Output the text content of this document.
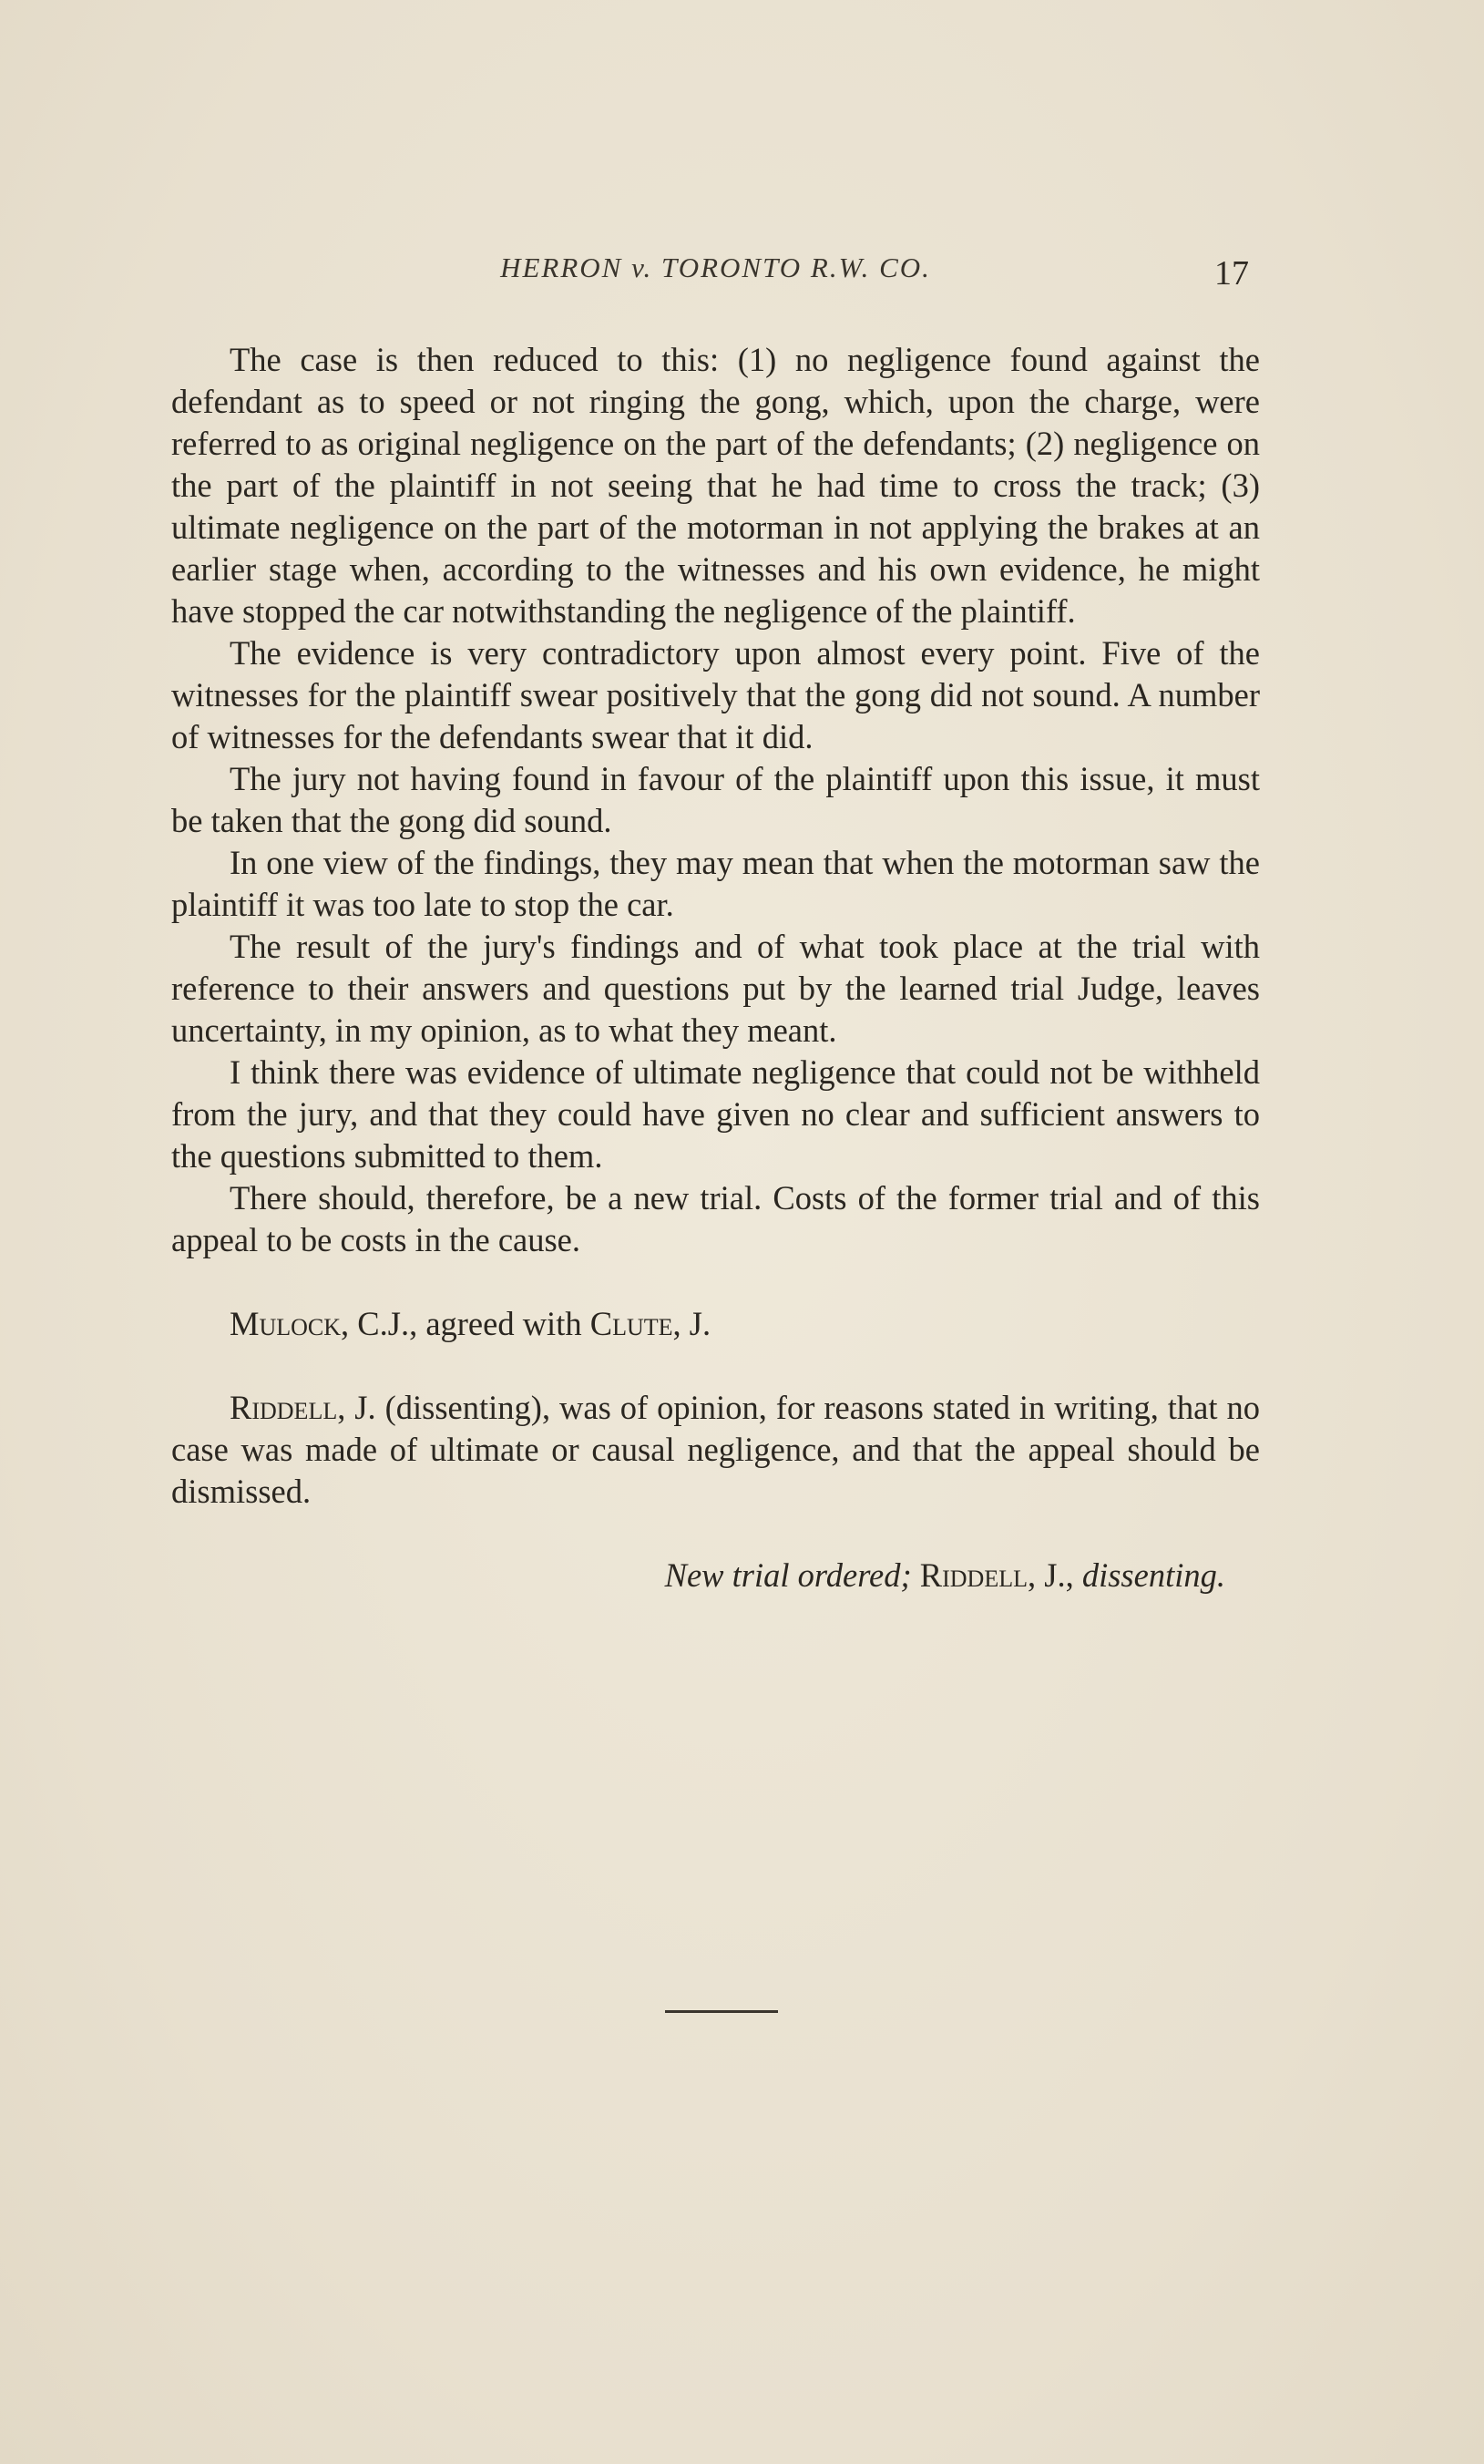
HERRON v. TORONTO R.W. CO.	17

The case is then reduced to this: (1) no negligence found against the defendant as to speed or not ringing the gong, which, upon the charge, were referred to as original negligence on the part of the defendants; (2) negligence on the part of the plaintiff in not seeing that he had time to cross the track; (3) ultimate negligence on the part of the motorman in not applying the brakes at an earlier stage when, according to the witnesses and his own evidence, he might have stopped the car notwithstanding the negligence of the plaintiff.

The evidence is very contradictory upon almost every point. Five of the witnesses for the plaintiff swear positively that the gong did not sound. A number of witnesses for the defendants swear that it did.

The jury not having found in favour of the plaintiff upon this issue, it must be taken that the gong did sound.

In one view of the findings, they may mean that when the motorman saw the plaintiff it was too late to stop the car.

The result of the jury's findings and of what took place at the trial with reference to their answers and questions put by the learned trial Judge, leaves uncertainty, in my opinion, as to what they meant.

I think there was evidence of ultimate negligence that could not be withheld from the jury, and that they could have given no clear and sufficient answers to the questions submitted to them.

There should, therefore, be a new trial. Costs of the former trial and of this appeal to be costs in the cause.

Mulock, C.J., agreed with Clute, J.

Riddell, J. (dissenting), was of opinion, for reasons stated in writing, that no case was made of ultimate or causal negligence, and that the appeal should be dismissed.

New trial ordered; Riddell, J., dissenting.
